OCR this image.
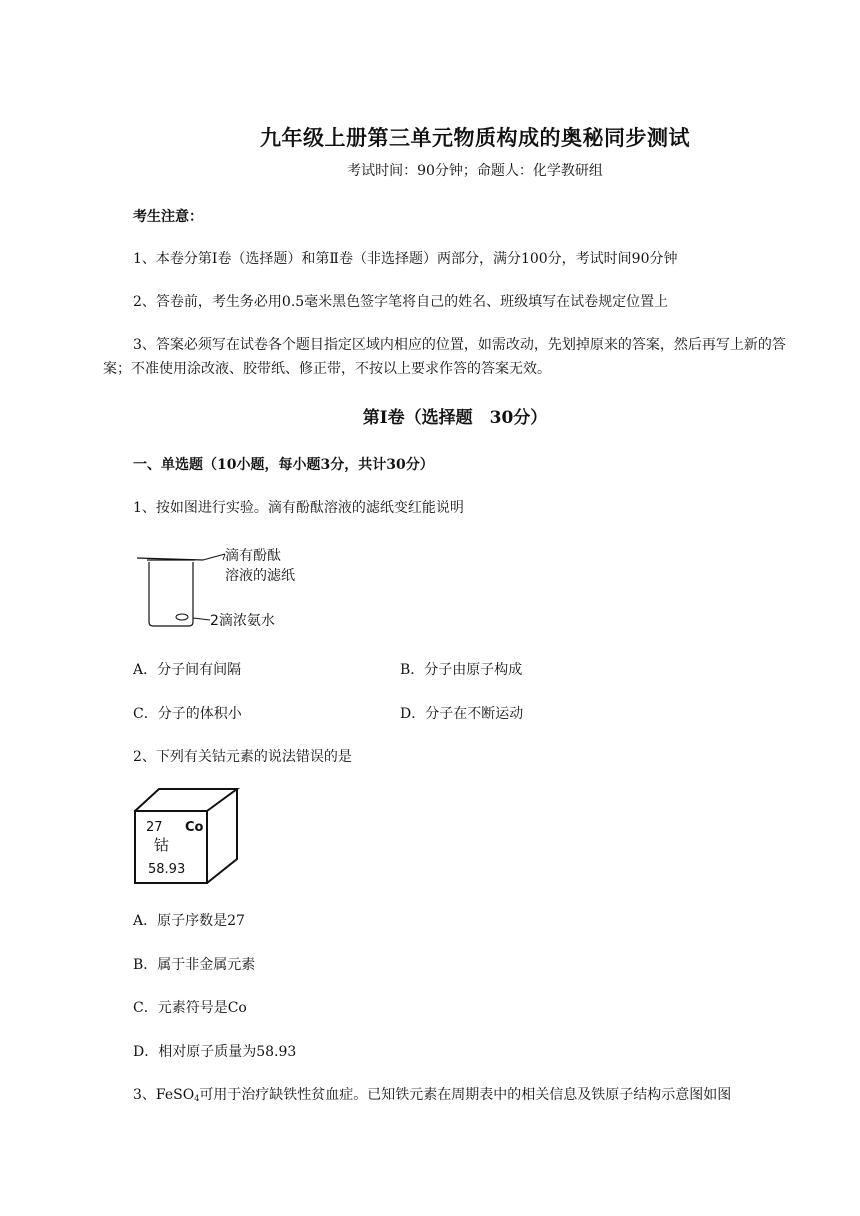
九年级上册第三单元物质构成的奥秘同步测试
考试时间：90分钟；命题人：化学教研组
考生注意：
1、本卷分第Ⅰ卷（选择题）和第Ⅱ卷（非选择题）两部分，满分100分，考试时间90分钟
2、答卷前，考生务必用0.5毫米黑色签字笔将自己的姓名、班级填写在试卷规定位置上
3、答案必须写在试卷各个题目指定区域内相应的位置，如需改动，先划掉原来的答案，然后再写上新的答案；不准使用涂改液、胶带纸、修正带，不按以上要求作答的答案无效。
第Ⅰ卷（选择题　30分）
一、单选题（10小题，每小题3分，共计30分）
1、按如图进行实验。滴有酚酞溶液的滤纸变红能说明
滴有酚酞
溶液的滤纸
2滴浓氨水
A．分子间有间隔	B．分子由原子构成
C．分子的体积小	D．分子在不断运动
2、下列有关钴元素的说法错误的是
27 Co
钴
58.93
A．原子序数是27
B．属于非金属元素
C．元素符号是Co
D．相对原子质量为58.93
3、FeSO$_4$可用于治疗缺铁性贫血症。已知铁元素在周期表中的相关信息及铁原子结构示意图如图
